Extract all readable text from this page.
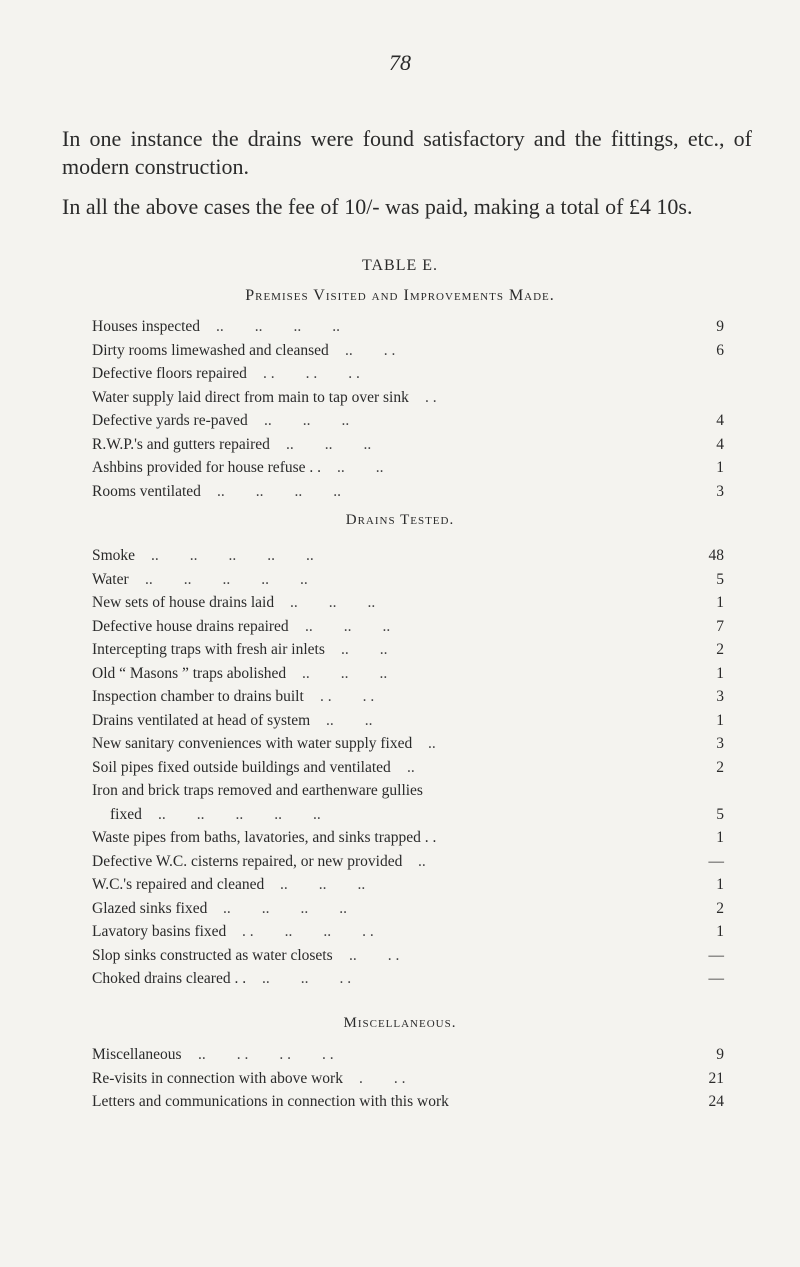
78

In one instance the drains were found satisfactory and the fittings, etc., of modern construction.

In all the above cases the fee of 10/- was paid, making a total of £4 10s.

TABLE E.
Premises Visited and Improvements Made.
Houses inspected ..        ..        ..        ..	9
Dirty rooms limewashed and cleansed ..        . .	6
Defective floors repaired . .        . .        . .
Water supply laid direct from main to tap over sink . .
Defective yards re-paved ..        ..        ..	4
R.W.P.'s and gutters repaired ..        ..        ..	4
Ashbins provided for house refuse . . ..        ..	1
Rooms ventilated ..        ..        ..        ..	3
Drains Tested.
Smoke ..        ..        ..        ..        ..	48
Water ..        ..        ..        ..        ..	5
New sets of house drains laid ..        ..        ..	1
Defective house drains repaired ..        ..        ..	7
Intercepting traps with fresh air inlets ..        ..	2
Old “ Masons ” traps abolished ..        ..        ..	1
Inspection chamber to drains built . .        . .	3
Drains ventilated at head of system ..        ..	1
New sanitary conveniences with water supply fixed ..	3
Soil pipes fixed outside buildings and ventilated ..	2
Iron and brick traps removed and earthenware gullies
fixed ..        ..        ..        ..        ..	5
Waste pipes from baths, lavatories, and sinks trapped . .	1
Defective W.C. cisterns repaired, or new provided ..	—
W.C.'s repaired and cleaned ..        ..        ..	1
Glazed sinks fixed ..        ..        ..        ..	2
Lavatory basins fixed . .        ..        ..        . .	1
Slop sinks constructed as water closets ..        . .	—
Choked drains cleared . . ..        ..        . .	—
Miscellaneous.
Miscellaneous ..        . .        . .        . .	9
Re-visits in connection with above work .        . .	21
Letters and communications in connection with this work	24
